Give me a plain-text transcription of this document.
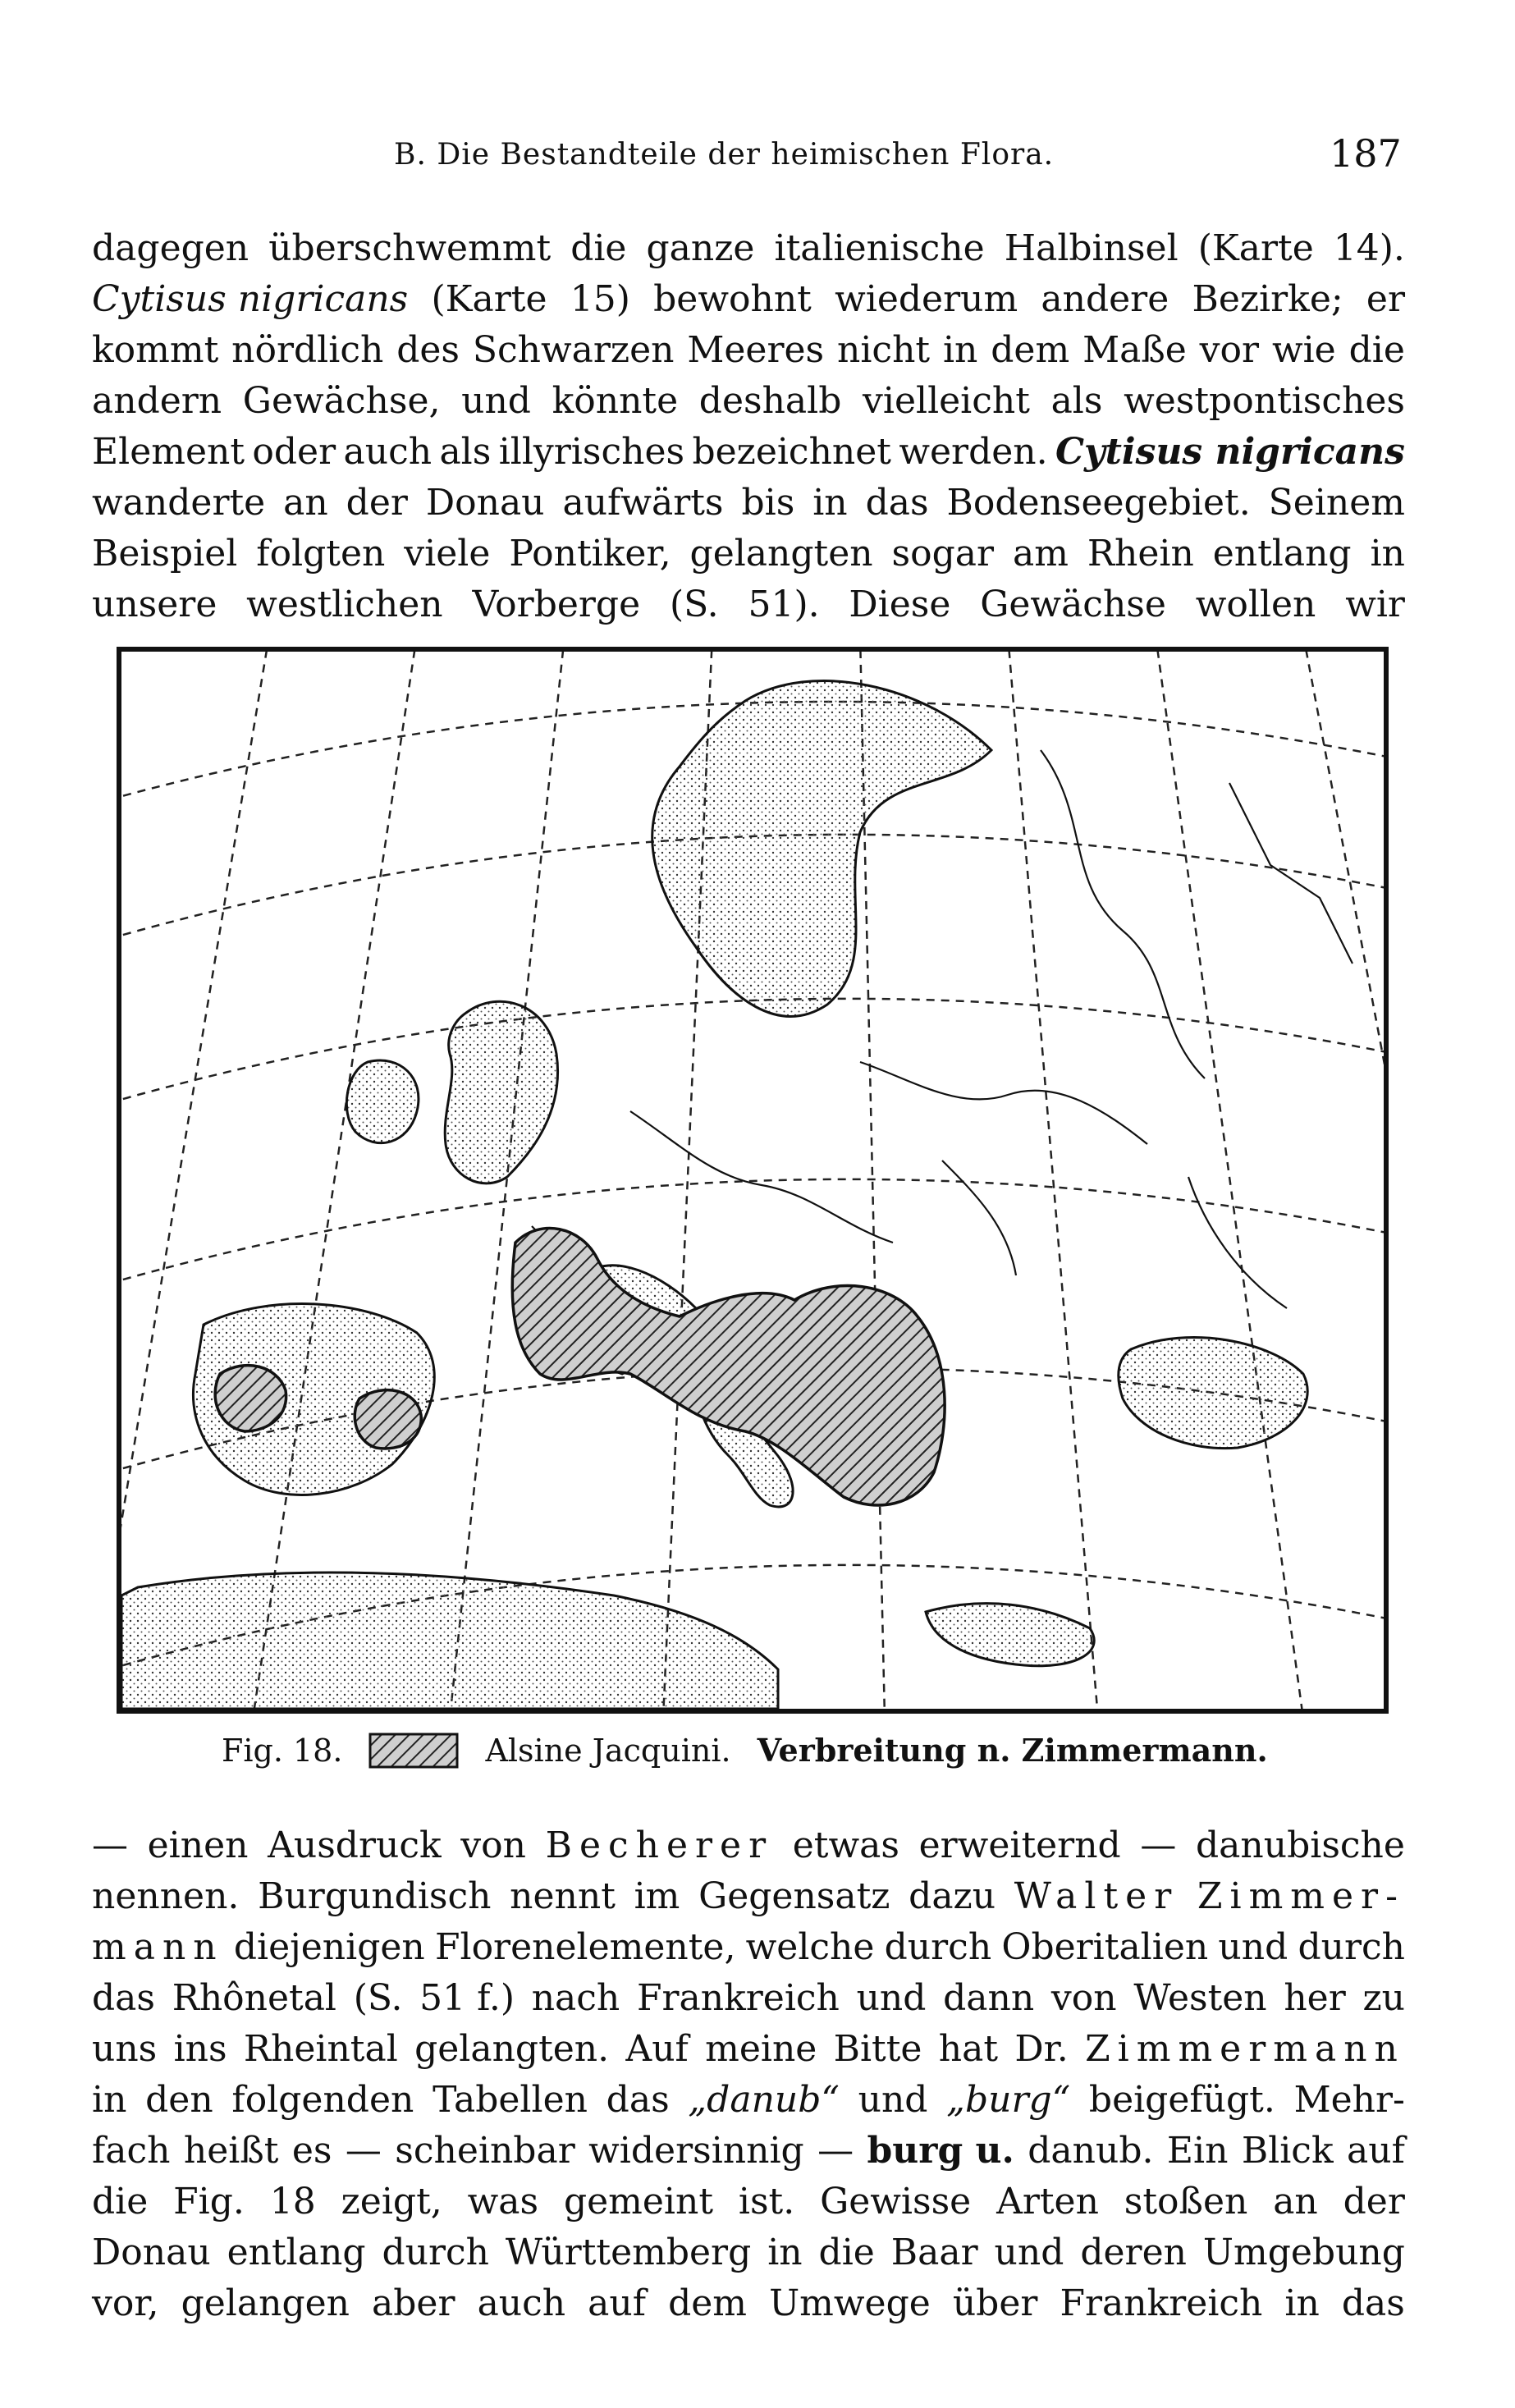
B. Die Bestandteile der heimischen Flora.	187
dagegen überschwemmt die ganze italienische Halbinsel (Karte 14).
Cytisus nigricans (Karte 15) bewohnt wiederum andere Bezirke; er
kommt nördlich des Schwarzen Meeres nicht in dem Maße vor wie die
andern Gewächse, und könnte deshalb vielleicht als westpontisches
Element oder auch als illyrisches bezeichnet werden. Cytisus nigricans
wanderte an der Donau aufwärts bis in das Bodenseegebiet. Seinem
Beispiel folgten viele Pontiker, gelangten sogar am Rhein entlang in
unsere westlichen Vorberge (S. 51). Diese Gewächse wollen wir
Fig. 18.	Alsine Jacquini. Verbreitung n. Zimmermann.
— einen Ausdruck von Becherer etwas erweiternd — danubische
nennen. Burgundisch nennt im Gegensatz dazu Walter Zimmer-
mann diejenigen Florenelemente, welche durch Oberitalien und durch
das Rhônetal (S. 51 f.) nach Frankreich und dann von Westen her zu
uns ins Rheintal gelangten. Auf meine Bitte hat Dr. Zimmermann
in den folgenden Tabellen das „danub“ und „burg“ beigefügt. Mehr-
fach heißt es — scheinbar widersinnig — burg u. danub. Ein Blick auf
die Fig. 18 zeigt, was gemeint ist. Gewisse Arten stoßen an der
Donau entlang durch Württemberg in die Baar und deren Umgebung
vor, gelangen aber auch auf dem Umwege über Frankreich in das
